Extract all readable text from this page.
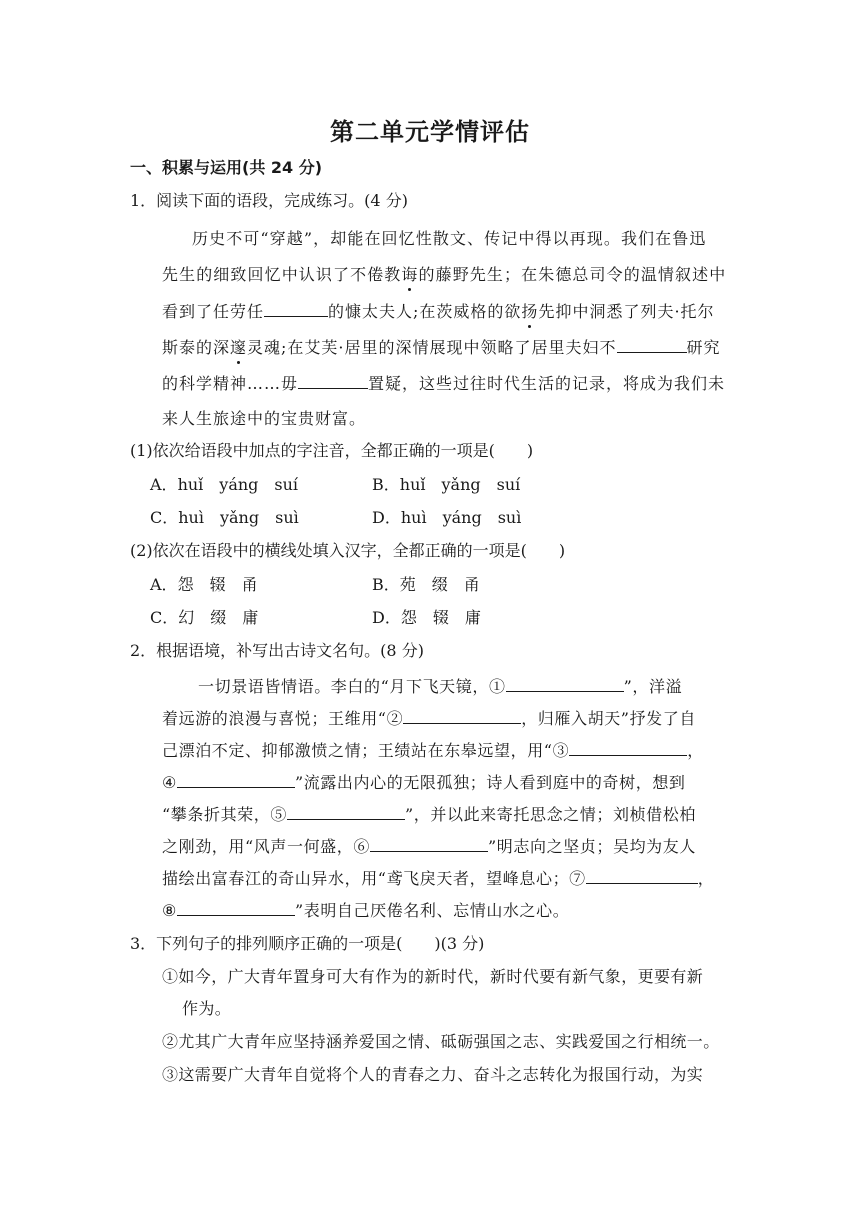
第二单元学情评估
一、积累与运用(共 24 分)
1．阅读下面的语段，完成练习。(4 分)
历史不可“穿越”，却能在回忆性散文、传记中得以再现。我们在鲁迅
先生的细致回忆中认识了不倦教诲的藤野先生；在朱德总司令的温情叙述中
看到了任劳任	的慷太夫人;在茨威格的欲扬先抑中洞悉了列夫·托尔
斯泰的深邃灵魂;在艾芙·居里的深情展现中领略了居里夫妇不	研究
的科学精神……毋	置疑，这些过往时代生活的记录，将成为我们未
来人生旅途中的宝贵财富。
(1)依次给语段中加点的字注音，全都正确的一项是(　　)
A．huǐ　yáng　suí	B．huǐ　yǎng　suí
C．huì　yǎng　suì	D．huì　yáng　suì
(2)依次在语段中的横线处填入汉字，全都正确的一项是(　　)
A．怨　辍　甬	B．苑　缀　甬
C．幻　缀　庸	D．怨　辍　庸
2．根据语境，补写出古诗文名句。(8 分)
一切景语皆情语。李白的“月下飞天镜，①	”，洋溢
着远游的浪漫与喜悦；王维用“②	，归雁入胡天”抒发了自
己漂泊不定、抑郁激愤之情；王绩站在东皋远望，用“③	，
④	”流露出内心的无限孤独；诗人看到庭中的奇树，想到
“攀条折其荣，⑤	”，并以此来寄托思念之情；刘桢借松柏
之刚劲，用“风声一何盛，⑥	”明志向之坚贞；吴均为友人
描绘出富春江的奇山异水，用“鸢飞戾天者，望峰息心；⑦	，
⑧	”表明自己厌倦名利、忘情山水之心。
3．下列句子的排列顺序正确的一项是(　　)(3 分)
①如今，广大青年置身可大有作为的新时代，新时代要有新气象，更要有新
作为。
②尤其广大青年应坚持涵养爱国之情、砥砺强国之志、实践爱国之行相统一。
③这需要广大青年自觉将个人的青春之力、奋斗之志转化为报国行动，为实
